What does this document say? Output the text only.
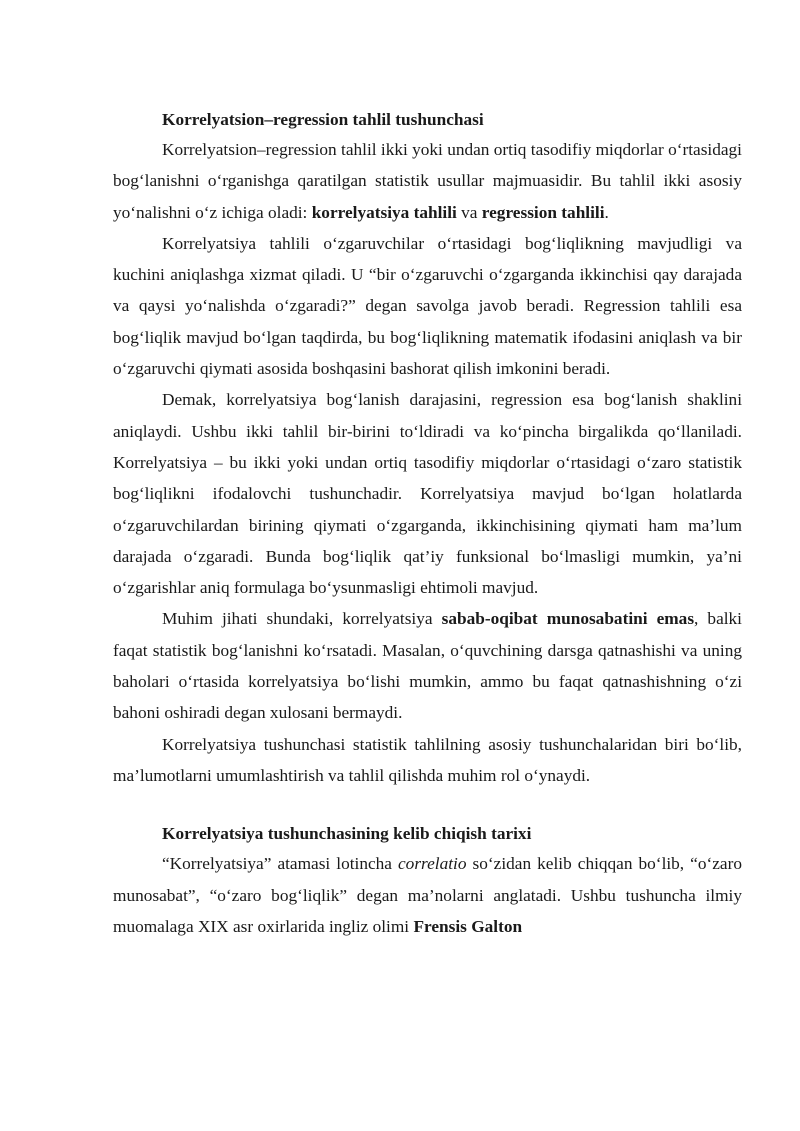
Korrelyatsion–regression tahlil tushunchasi

Korrelyatsion–regression tahlil ikki yoki undan ortiq tasodifiy miqdorlar o‘rtasidagi bog‘lanishni o‘rganishga qaratilgan statistik usullar majmuasidir. Bu tahlil ikki asosiy yo‘nalishni o‘z ichiga oladi: korrelyatsiya tahlili va regression tahlili.

Korrelyatsiya tahlili o‘zgaruvchilar o‘rtasidagi bog‘liqlikning mavjudligi va kuchini aniqlashga xizmat qiladi. U “bir o‘zgaruvchi o‘zgarganda ikkinchisi qay darajada va qaysi yo‘nalishda o‘zgaradi?” degan savolga javob beradi. Regression tahlili esa bog‘liqlik mavjud bo‘lgan taqdirda, bu bog‘liqlikning matematik ifodasini aniqlash va bir o‘zgaruvchi qiymati asosida boshqasini bashorat qilish imkonini beradi.

Demak, korrelyatsiya bog‘lanish darajasini, regression esa bog‘lanish shaklini aniqlaydi. Ushbu ikki tahlil bir-birini to‘ldiradi va ko‘pincha birgalikda qo‘llaniladi. Korrelyatsiya – bu ikki yoki undan ortiq tasodifiy miqdorlar o‘rtasidagi o‘zaro statistik bog‘liqlikni ifodalovchi tushunchadir. Korrelyatsiya mavjud bo‘lgan holatlarda o‘zgaruvchilardan birining qiymati o‘zgarganda, ikkinchisining qiymati ham ma’lum darajada o‘zgaradi. Bunda bog‘liqlik qat’iy funksional bo‘lmasligi mumkin, ya’ni o‘zgarishlar aniq formulaga bo‘ysunmasligi ehtimoli mavjud.

Muhim jihati shundaki, korrelyatsiya sabab-oqibat munosabatini emas, balki faqat statistik bog‘lanishni ko‘rsatadi. Masalan, o‘quvchining darsga qatnashishi va uning baholari o‘rtasida korrelyatsiya bo‘lishi mumkin, ammo bu faqat qatnashishning o‘zi bahoni oshiradi degan xulosani bermaydi.

Korrelyatsiya tushunchasi statistik tahlilning asosiy tushunchalaridan biri bo‘lib, ma’lumotlarni umumlashtirish va tahlil qilishda muhim rol o‘ynaydi.

Korrelyatsiya tushunchasining kelib chiqish tarixi

“Korrelyatsiya” atamasi lotincha correlatio so‘zidan kelib chiqqan bo‘lib, “o‘zaro munosabat”, “o‘zaro bog‘liqlik” degan ma’nolarni anglatadi. Ushbu tushuncha ilmiy muomalaga XIX asr oxirlarida ingliz olimi Frensis Galton
